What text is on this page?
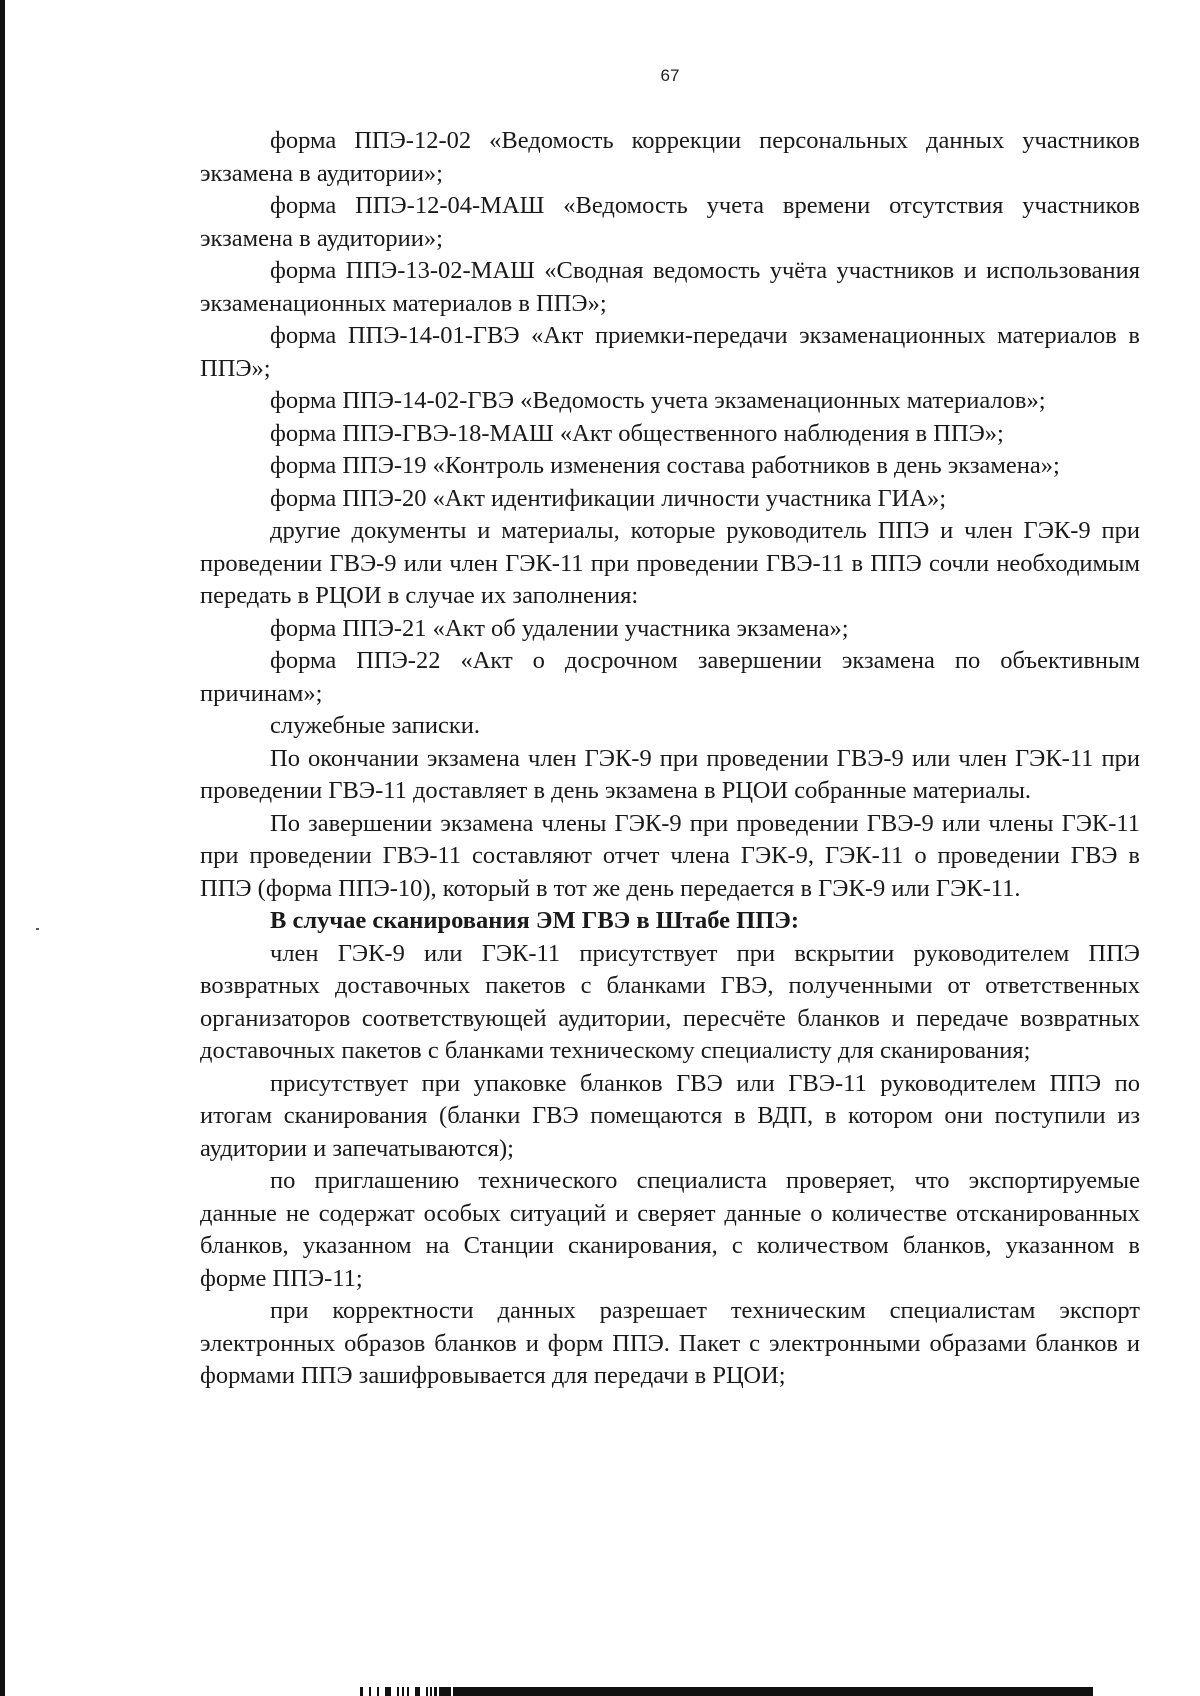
67

форма ППЭ-12-02 «Ведомость коррекции персональных данных участников экзамена в аудитории»;

форма ППЭ-12-04-МАШ «Ведомость учета времени отсутствия участников экзамена в аудитории»;

форма ППЭ-13-02-МАШ «Сводная ведомость учёта участников и использования экзаменационных материалов в ППЭ»;

форма ППЭ-14-01-ГВЭ «Акт приемки-передачи экзаменационных материалов в ППЭ»;

форма ППЭ-14-02-ГВЭ «Ведомость учета экзаменационных материалов»;

форма ППЭ-ГВЭ-18-МАШ «Акт общественного наблюдения в ППЭ»;

форма ППЭ-19 «Контроль изменения состава работников в день экзамена»;

форма ППЭ-20 «Акт идентификации личности участника ГИА»;

другие документы и материалы, которые руководитель ППЭ и член ГЭК-9 при проведении ГВЭ-9 или член ГЭК-11 при проведении ГВЭ-11 в ППЭ сочли необходимым передать в РЦОИ в случае их заполнения:

форма ППЭ-21 «Акт об удалении участника экзамена»;

форма ППЭ-22 «Акт о досрочном завершении экзамена по объективным причинам»;

служебные записки.

По окончании экзамена член ГЭК-9 при проведении ГВЭ-9 или член ГЭК-11 при проведении ГВЭ-11 доставляет в день экзамена в РЦОИ собранные материалы.

По завершении экзамена члены ГЭК-9 при проведении ГВЭ-9 или члены ГЭК-11 при проведении ГВЭ-11 составляют отчет члена ГЭК-9, ГЭК-11 о проведении ГВЭ в ППЭ (форма ППЭ-10), который в тот же день передается в ГЭК-9 или ГЭК-11.

В случае сканирования ЭМ ГВЭ в Штабе ППЭ:

член ГЭК-9 или ГЭК-11 присутствует при вскрытии руководителем ППЭ возвратных доставочных пакетов с бланками ГВЭ, полученными от ответственных организаторов соответствующей аудитории, пересчёте бланков и передаче возвратных доставочных пакетов с бланками техническому специалисту для сканирования;

присутствует при упаковке бланков ГВЭ или ГВЭ-11 руководителем ППЭ по итогам сканирования (бланки ГВЭ помещаются в ВДП, в котором они поступили из аудитории и запечатываются);

по приглашению технического специалиста проверяет, что экспортируемые данные не содержат особых ситуаций и сверяет данные о количестве отсканированных бланков, указанном на Станции сканирования, с количеством бланков, указанном в форме ППЭ-11;

при корректности данных разрешает техническим специалистам экспорт электронных образов бланков и форм ППЭ. Пакет с электронными образами бланков и формами ППЭ зашифровывается для передачи в РЦОИ;
